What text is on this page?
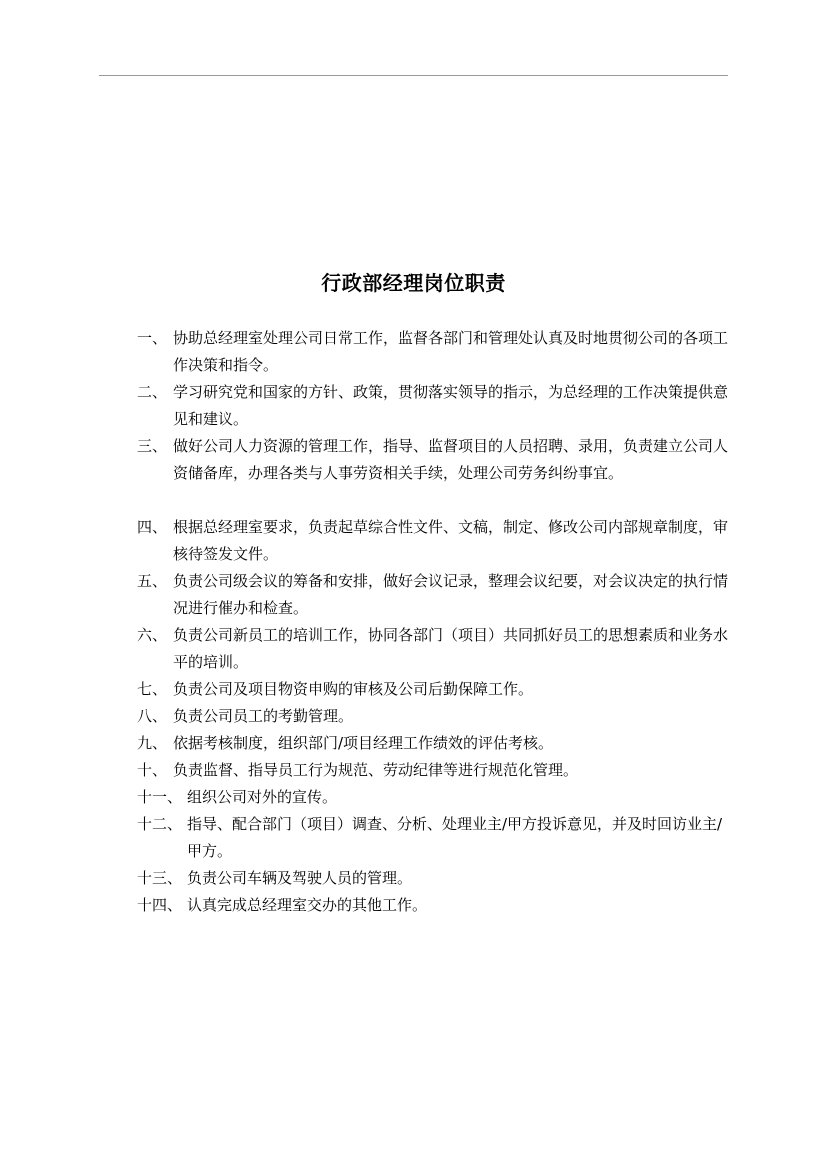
行政部经理岗位职责
一、 协助总经理室处理公司日常工作，监督各部门和管理处认真及时地贯彻公司的各项工作决策和指令。
二、 学习研究党和国家的方针、政策，贯彻落实领导的指示，为总经理的工作决策提供意见和建议。
三、 做好公司人力资源的管理工作，指导、监督项目的人员招聘、录用，负责建立公司人资储备库，办理各类与人事劳资相关手续，处理公司劳务纠纷事宜。
四、 根据总经理室要求，负责起草综合性文件、文稿，制定、修改公司内部规章制度，审核待签发文件。
五、 负责公司级会议的筹备和安排，做好会议记录，整理会议纪要，对会议决定的执行情况进行催办和检查。
六、 负责公司新员工的培训工作，协同各部门（项目）共同抓好员工的思想素质和业务水平的培训。
七、 负责公司及项目物资申购的审核及公司后勤保障工作。
八、 负责公司员工的考勤管理。
九、 依据考核制度，组织部门/项目经理工作绩效的评估考核。
十、 负责监督、指导员工行为规范、劳动纪律等进行规范化管理。
十一、 组织公司对外的宣传。
十二、 指导、配合部门（项目）调查、分析、处理业主/甲方投诉意见，并及时回访业主/甲方。
十三、 负责公司车辆及驾驶人员的管理。
十四、 认真完成总经理室交办的其他工作。
